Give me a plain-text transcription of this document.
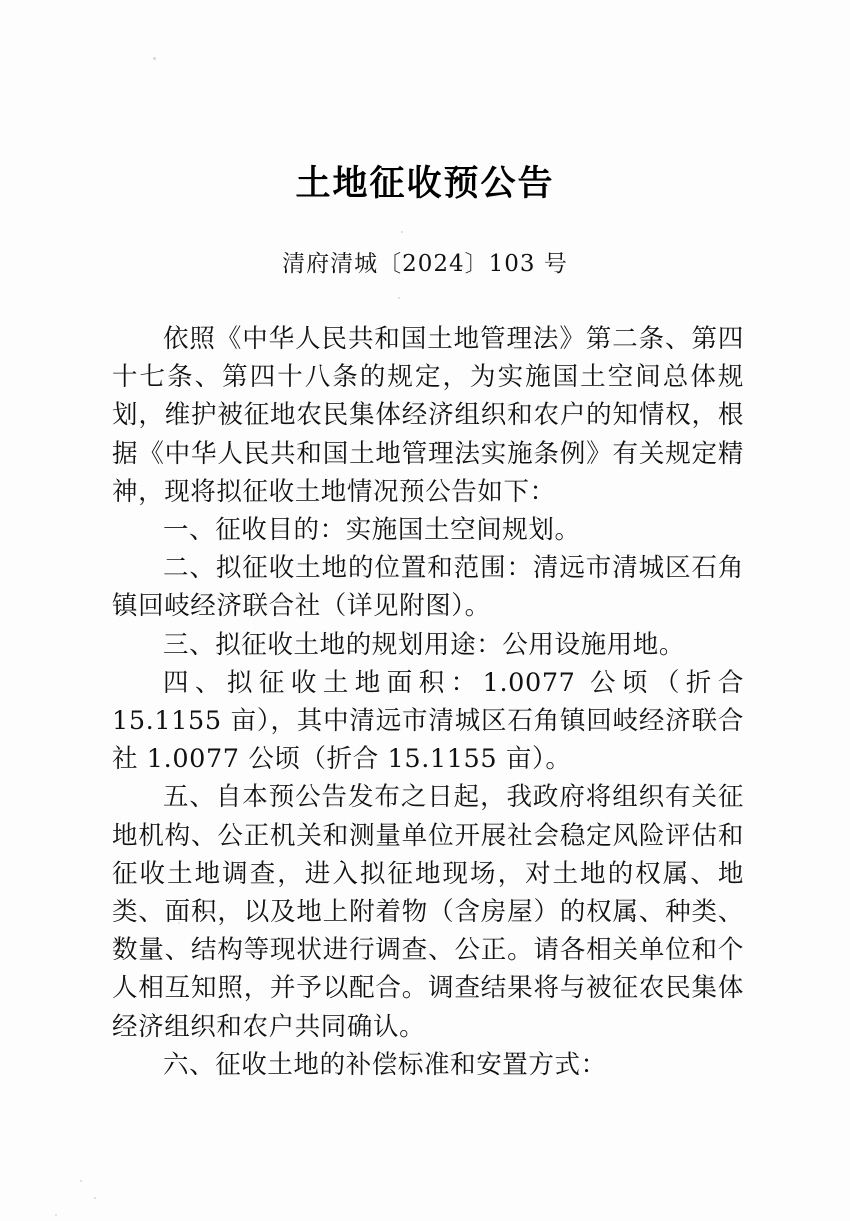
土地征收预公告
清府清城〔2024〕103 号

依照《中华人民共和国土地管理法》第二条、第四十七条、第四十八条的规定，为实施国土空间总体规划，维护被征地农民集体经济组织和农户的知情权，根据《中华人民共和国土地管理法实施条例》有关规定精神，现将拟征收土地情况预公告如下：

一、征收目的：实施国土空间规划。

二、拟征收土地的位置和范围：清远市清城区石角镇回岐经济联合社（详见附图）。

三、拟征收土地的规划用途：公用设施用地。

四、拟征收土地面积：1.0077 公顷（折合 15.1155 亩），其中清远市清城区石角镇回岐经济联合社 1.0077 公顷（折合 15.1155 亩）。

五、自本预公告发布之日起，我政府将组织有关征地机构、公正机关和测量单位开展社会稳定风险评估和征收土地调查，进入拟征地现场，对土地的权属、地类、面积，以及地上附着物（含房屋）的权属、种类、数量、结构等现状进行调查、公正。请各相关单位和个人相互知照，并予以配合。调查结果将与被征农民集体经济组织和农户共同确认。

六、征收土地的补偿标准和安置方式：
